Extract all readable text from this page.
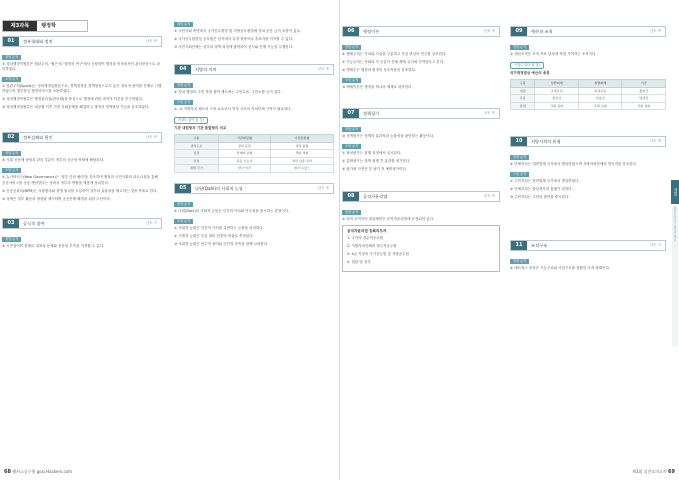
제3과목	행정학
01	정부형태와 정치	난도 中
정답 분석
① 정치행정이원론은 엽관주의, '윌슨'의 '행정의 연구'에서 등장하여 행정을 비정치적인 관리현상으로 파악하였다.
오답 분석
① 엽관주의(Spoils)는 정치행정일원론으로, 정책결정을 정책형성으로서 높은 정치적 참여를 전제로 시행하였으며 정부중심 행정서비스를 보완하였다.
② 정치행정이원론은 행정관리설(관료제)을 중심으로 행정에 관한 과학적 이론을 추구하였다.
③ 정치행정일원론은 대공황 이후 각종 사회문제를 해결하고 행정의 정책형성 기능을 강조하였다.
02	정부실패와 원인	난도 中
정답 분석
④ 사회 공동체 형성과 관리 부분이 정부의 공공성 역할에 해당된다.
오답 분석
① 뉴거버넌스(New Governance)는 '정부 간의 협력'을 강조하며 행정과 시민사회의 파트너십을 통해 공공서비스를 공동 생산한다는 점에서 정부의 역할을 새롭게 정의한다.
② 신공공관리(NPM)는 시장원리와 경쟁 원리를 도입하여 정부의 효율성을 제고하는 것을 목표로 한다.
③ 정책은 정부 활동의 방향을 제시하며 공공문제 해결을 위한 수단이다.
03	공식적 참여	난도 下
정답 분석
④ 시민참여의 한계로 대표성 문제와 전문성 부족을 지적할 수 있다.
정답 분석
① 시민사회 측면에서 국가공무원법 및 지방공무원법에 정치 운동 금지 조항이 있다.
② 국가공무원법상 공무원은 선거에서 특정 정당이나 후보자를 지지할 수 없다.
③ 시민사회단체는 정부의 정책 과정에 참여하여 감시와 견제 기능을 수행한다.
04	지방의 자치	난도 中
정답 분석
④ 자치 행정의 주민 직접 참여 제도에는 주민투표, 주민소환 등이 있다.
오답 분석
①, ② 지방자치 제도의 구성 요소로서 적정 규모의 자치단체 구역이 필요하다.
이것도 알아 둘 것!
기관 대립형과 기관 통합형의 비교
구분	기관대립형	기관통합형
권력구조	권력 분립	권력 통합
장점	견제와 균형	책임 명확
단점	갈등 가능성	권력 남용 우려
채택 국가	한국·미국	영국·프랑스
05	다원(Dahl)의 사회적 능률	난도 中
정답 분석
④ 다원(Dahl)의 사회적 능률은 인간의 가치와 민주성을 중시하는 관점이다.
오답 분석
① 사회적 능률은 인간적 가치를 실현하는 능률을 의미한다.
② 기계적 능률은 투입 대비 산출의 비율로 측정된다.
③ 사회적 능률은 민주적 참여와 인간적 만족을 함께 고려한다.
68 해커스공무원 gosi.Hackers.com
06	행정이론	난도 中
정답 분석
④ 행태주의는 가치와 사실을 구분하고 사실 중심의 연구를 강조한다.
① 기능주의는 사회의 각 부분이 전체 체계 유지에 기여한다고 본다.
② 생태론은 행정과 환경의 상호작용을 강조한다.
오답 분석
③ 체제이론은 행정을 하나의 체계로 파악한다.
07	정책평가	난도 中
정답 분석
③ 정책평가는 정책의 효과성과 능률성을 판단하는 활동이다.
오답 분석
① 형성평가는 집행 과정에서 실시된다.
② 총괄평가는 정책 집행 후 효과를 평가한다.
④ 평가성 사정은 본 평가 전 예비평가이다.
08	공직자윤리법	난도 中
정답 분석
② 퇴직 공직자의 취업제한은 공직자윤리법에 규정되어 있다.
공직자윤리법 등록의무자
1. 국가의 정무직공무원
2. 지방자치단체의 정무직공무원
3. 4급 이상의 국가공무원 및 지방공무원
4. 법관 및 검사
09	예산과 조직	난도 中
정답 분석
① 계선조직은 조직 목표 달성에 직접 기여하는 조직이다.
이것도 알아 둘 것!
국가재정법상 예산의 종류
구분	일반회계	특별회계	기금
재원	조세수입	특정수입	출연금
운용	통일성	자율성	탄력성
통제	국회 심의	국회 심의	국회 심의
10	지방자치의 유형	난도 中
정답 분석
④ 단체자치는 대륙법계 국가에서 발달하였으며 지방자치단체의 법인격을 강조한다.
오답 분석
① 주민자치는 영미법계 국가에서 발달하였다.
② 단체자치는 중앙정부의 통제가 강하다.
③ 주민자치는 주민의 참여를 중시한다.
11	조직구조	난도 下
정답 분석
④ 매트릭스 조직은 기능구조와 사업구조를 결합한 조직 형태이다.
제3회
실전모의고사 행정학 해설
제3회 실전모의고사 69
